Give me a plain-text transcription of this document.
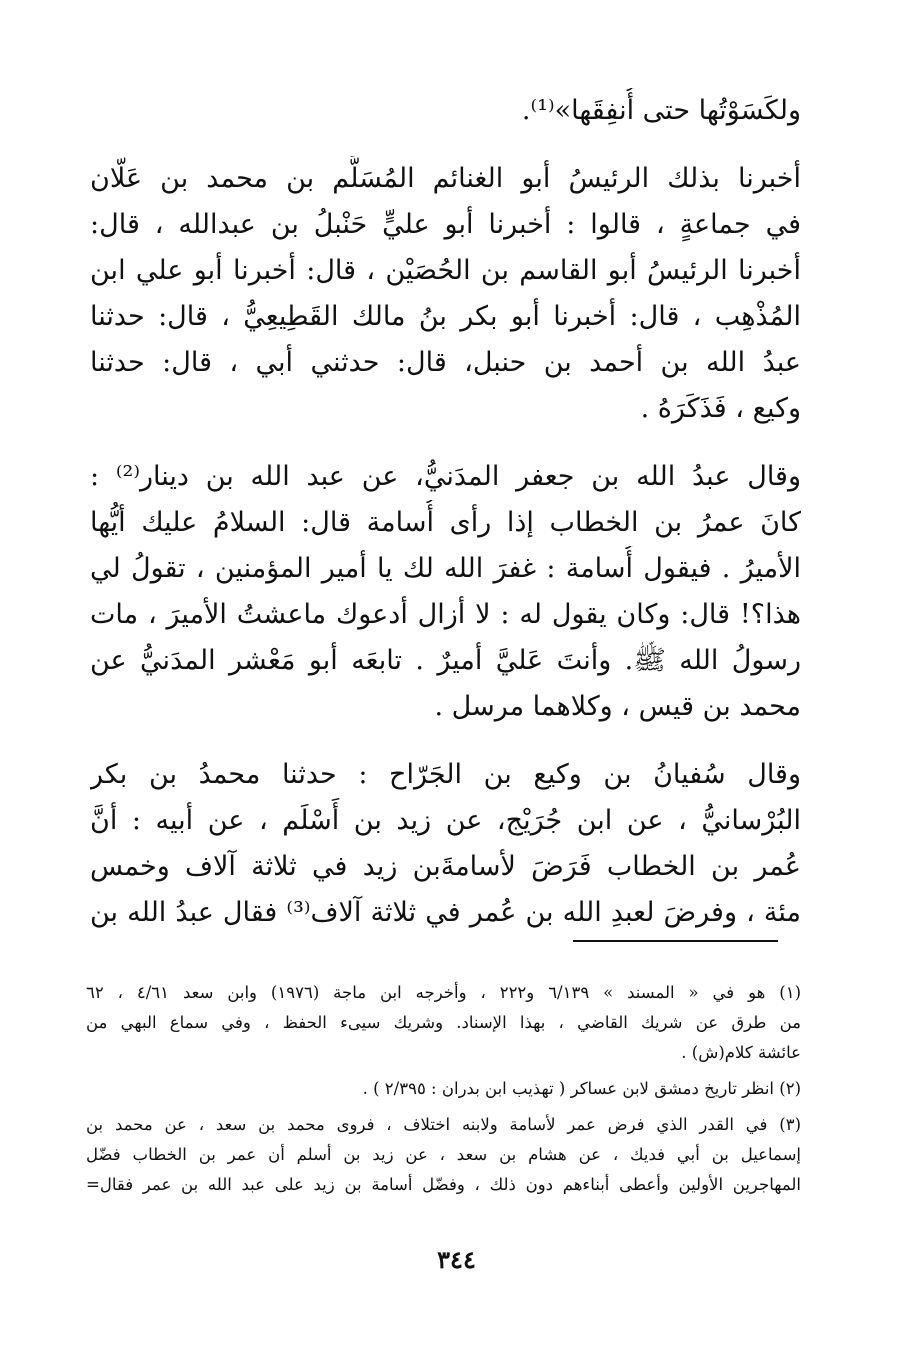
ولكَسَوْتُها حتى أُنفِقَها»⁽¹⁾.

أخبرنا بذلك الرئيسُ أبو الغنائم المُسَلَّم بن محمد بن عَلّان
في جماعةٍ ، قالوا : أخبرنا أبو عليٍّ حَنْبلُ بن عبدالله ، قال:
أخبرنا الرئيسُ أبو القاسم بن الحُصَيْن ، قال: أخبرنا أبو علي ابن
المُذْهِب ، قال: أخبرنا أبو بكر بنُ مالك القَطِيعِيُّ ، قال: حدثنا
عبدُ الله بن أحمد بن حنبل، قال: حدثني أبي ، قال: حدثنا
وكيع ، فَذَكَرَهُ .

وقال عبدُ الله بن جعفر المدَنيُّ، عن عبد الله بن دينار⁽²⁾ :
كانَ عمرُ بن الخطاب إذا رأى أُسامة قال: السلامُ عليك أيُّها
الأميرُ . فيقول أُسامة : غفرَ الله لك يا أمير المؤمنين ، تقولُ لي
هذا؟! قال: وكان يقول له : لا أزال أدعوك ماعشتُ الأميرَ ، مات
رسولُ الله ﷺ. وأنتَ عَليَّ أميرٌ . تابعَه أبو مَعْشر المدَنيُّ عن
محمد بن قيس ، وكلاهما مرسل .

وقال سُفيانُ بن وكيع بن الجَرّاح : حدثنا محمدُ بن بكر
البُرْسانيُّ ، عن ابن جُرَيْج، عن زيد بن أَسْلَم ، عن أبيه : أنَّ
عُمر بن الخطاب فَرَضَ لأسامةَبن زيد في ثلاثة آلاف وخمس
مئة ، وفرضَ لعبدِ الله بن عُمر في ثلاثة آلاف⁽³⁾ فقال عبدُ الله بن

(١) هو في « المسند » ٦/١٣٩ و٢٢٢ ، وأخرجه ابن ماجة (١٩٧٦) وابن سعد ٤/٦١ ، ٦٢
من طرق عن شريك القاضي ، بهذا الإسناد. وشريك سيىء الحفظ ، وفي سماع البهي من
عائشة كلام(ش) .
(٢) انظر تاريخ دمشق لابن عساكر ( تهذيب ابن بدران : ٢/٣٩٥ ) .
(٣) في القدر الذي فرض عمر لأسامة ولابنه اختلاف ، فروى محمد بن سعد ، عن محمد بن
إسماعيل بن أبي فديك ، عن هشام بن سعد ، عن زيد بن أسلم أن عمر بن الخطاب فضّل
المهاجرين الأولين وأعطى أبناءهم دون ذلك ، وفضّل أسامة بن زيد على عبد الله بن عمر فقال=
٣٤٤
